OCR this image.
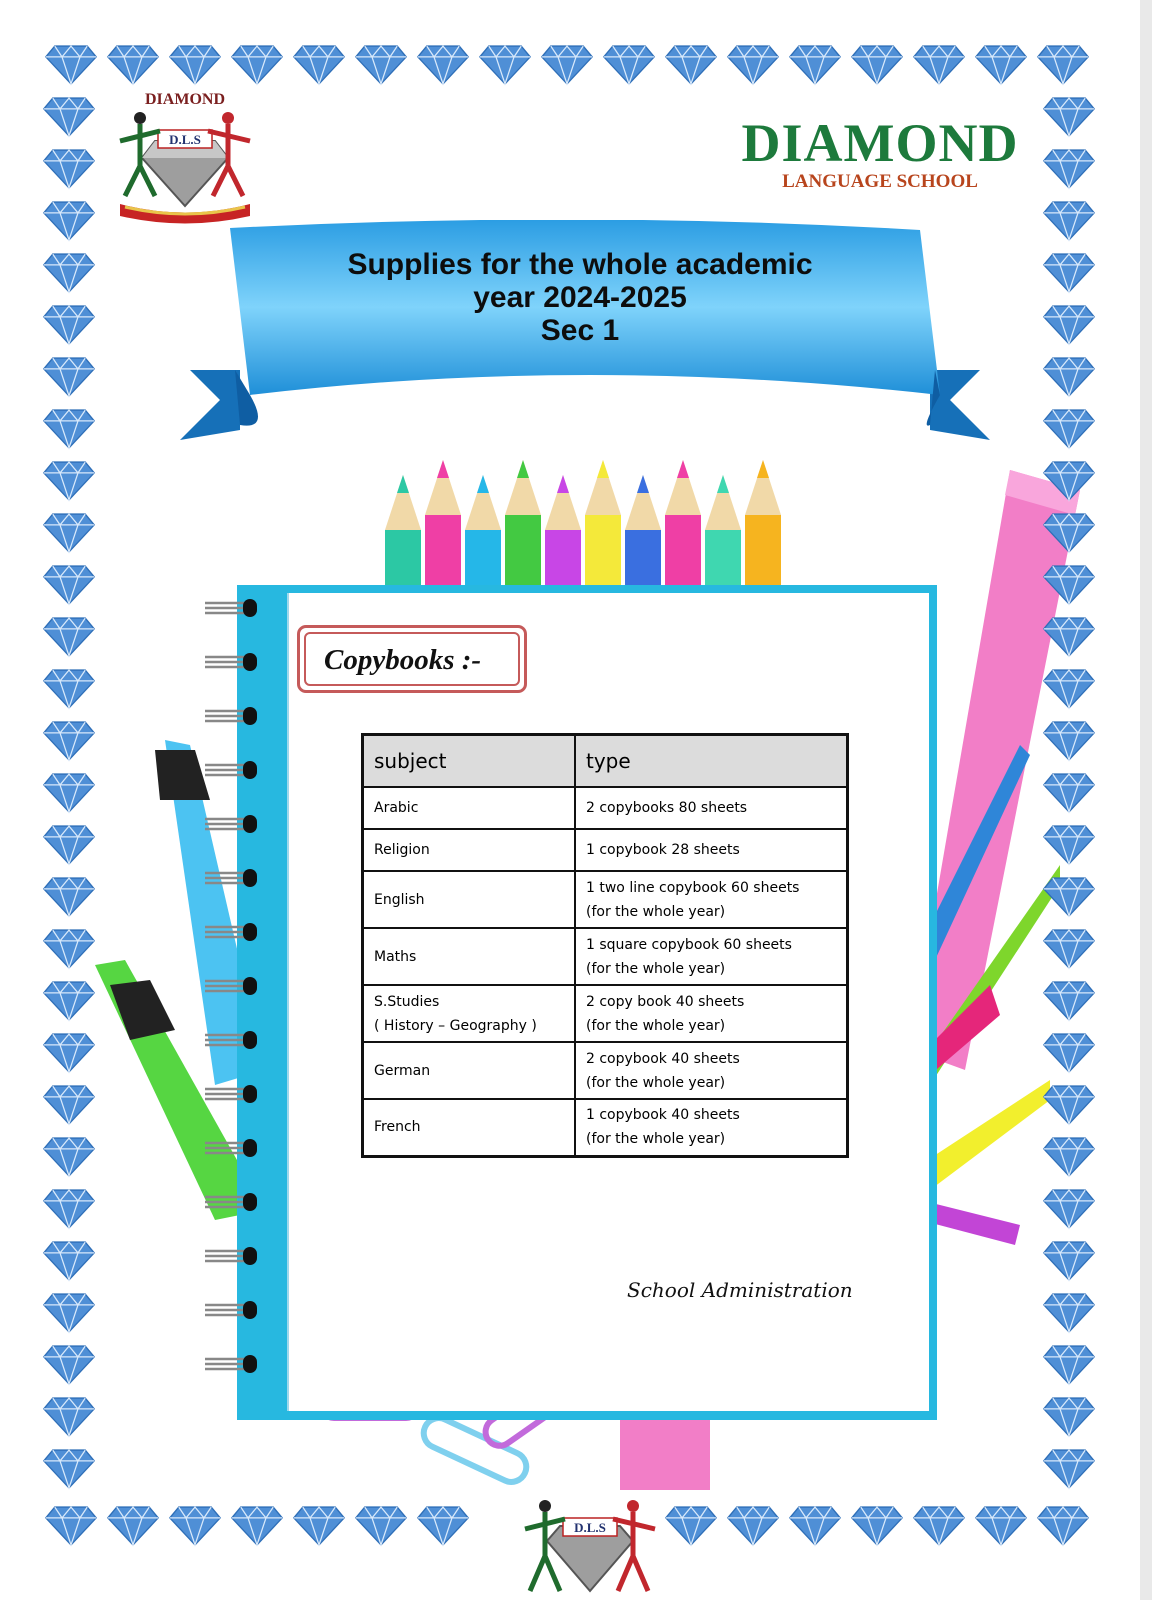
DIAMOND
D.L.S	DIAMOND
LANGUAGE SCHOOL
Supplies for the whole academic
year 2024-2025
Sec 1
D.L.S
Copybooks :-
subject	type

Arabic	2 copybooks 80 sheets

Religion	1 copybook 28 sheets

English	1 two line copybook 60 sheets
(for the whole year)

Maths	1 square copybook 60 sheets
(for the whole year)

S.Studies
( History – Geography )	2 copy book 40 sheets
(for the whole year)

German	2 copybook 40 sheets
(for the whole year)

French	1 copybook 40 sheets
(for the whole year)
School Administration
